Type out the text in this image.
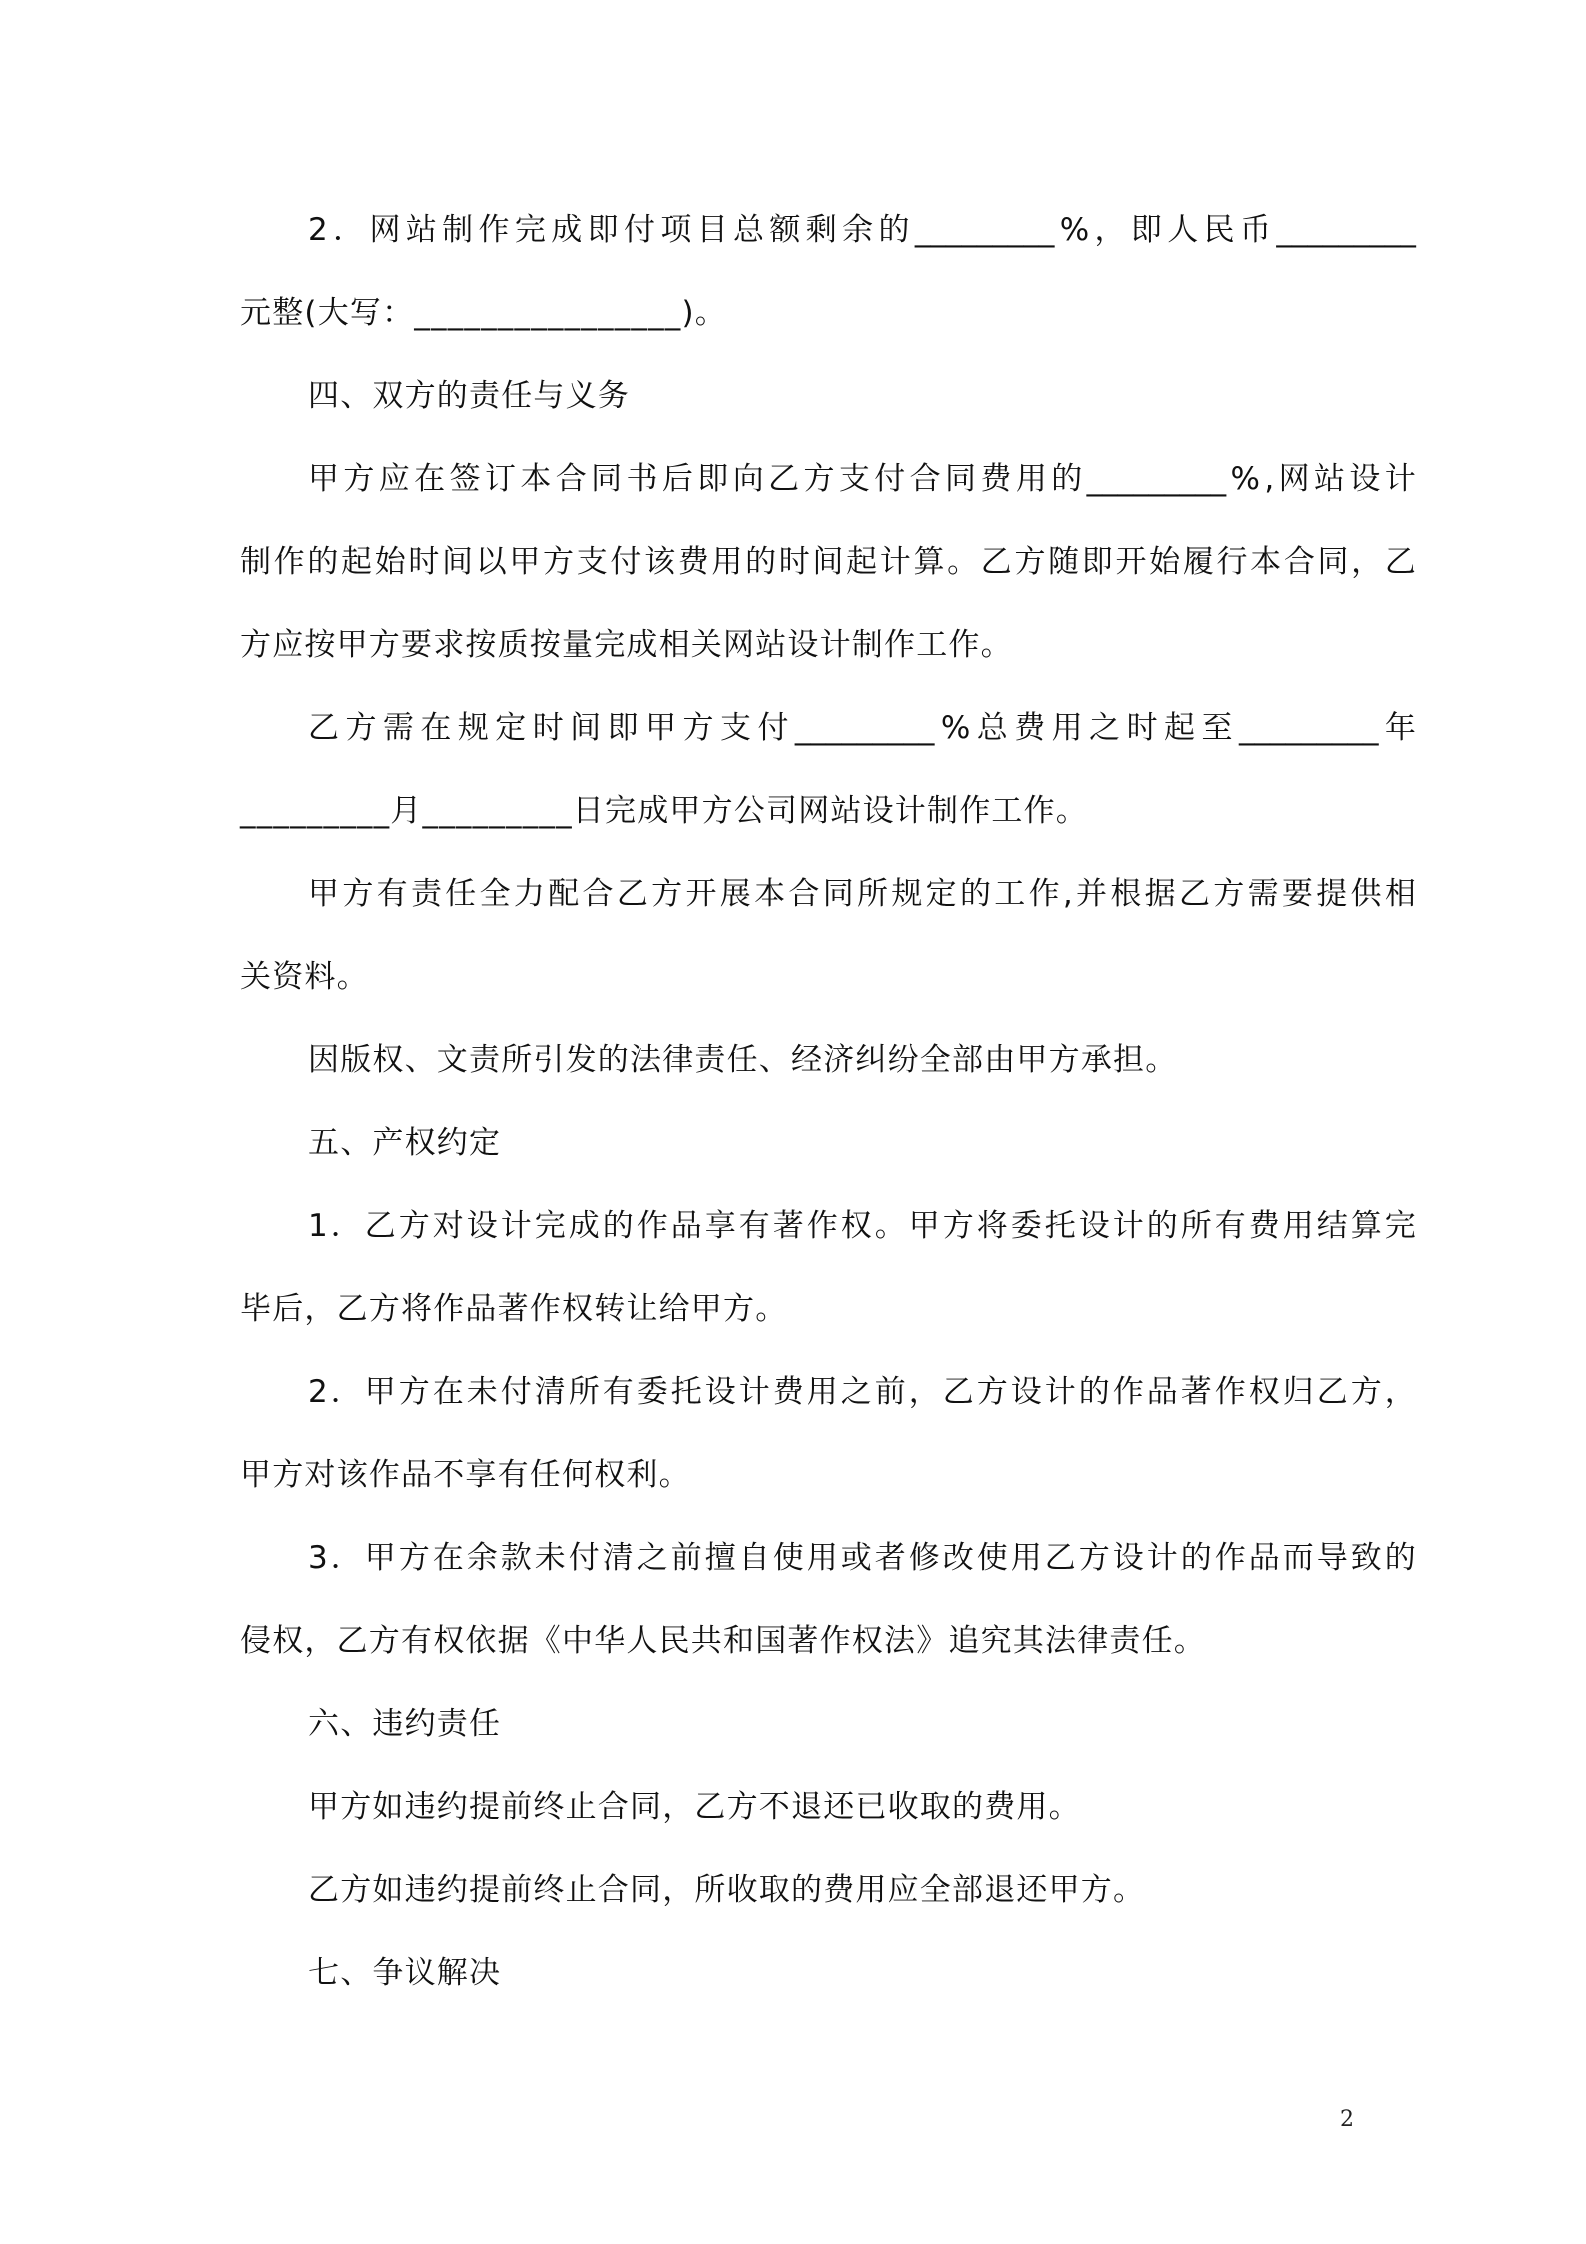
2 ． 网 站 制 作 完 成 即 付 项 目 总 额 剩 余 的 _________ % ， 即 人 民 币 _________
元整(大写：________________)。
四、双方的责任与义务
甲 方 应 在 签 订 本 合 同 书 后 即 向 乙 方 支 付 合 同 费 用 的 _________ % , 网 站 设 计
制 作 的 起 始 时 间 以 甲 方 支 付 该 费 用 的 时 间 起 计 算 。 乙 方 随 即 开 始 履 行 本 合 同 ， 乙
方应按甲方要求按质按量完成相关网站设计制作工作。
乙 方 需 在 规 定 时 间 即 甲 方 支 付 _________ % 总 费 用 之 时 起 至 _________ 年
_________月_________日完成甲方公司网站设计制作工作。
甲 方 有 责 任 全 力 配 合 乙 方 开 展 本 合 同 所 规 定 的 工 作 , 并 根 据 乙 方 需 要 提 供 相
关资料。
因版权、文责所引发的法律责任、经济纠纷全部由甲方承担。
五、产权约定
1 ． 乙 方 对 设 计 完 成 的 作 品 享 有 著 作 权 。 甲 方 将 委 托 设 计 的 所 有 费 用 结 算 完
毕后，乙方将作品著作权转让给甲方。
2 ． 甲 方 在 未 付 清 所 有 委 托 设 计 费 用 之 前 ， 乙 方 设 计 的 作 品 著 作 权 归 乙 方 ，
甲方对该作品不享有任何权利。
3 ． 甲 方 在 余 款 未 付 清 之 前 擅 自 使 用 或 者 修 改 使 用 乙 方 设 计 的 作 品 而 导 致 的
侵权，乙方有权依据《中华人民共和国著作权法》追究其法律责任。
六、违约责任
甲方如违约提前终止合同，乙方不退还已收取的费用。
乙方如违约提前终止合同，所收取的费用应全部退还甲方。
七、争议解决
2
